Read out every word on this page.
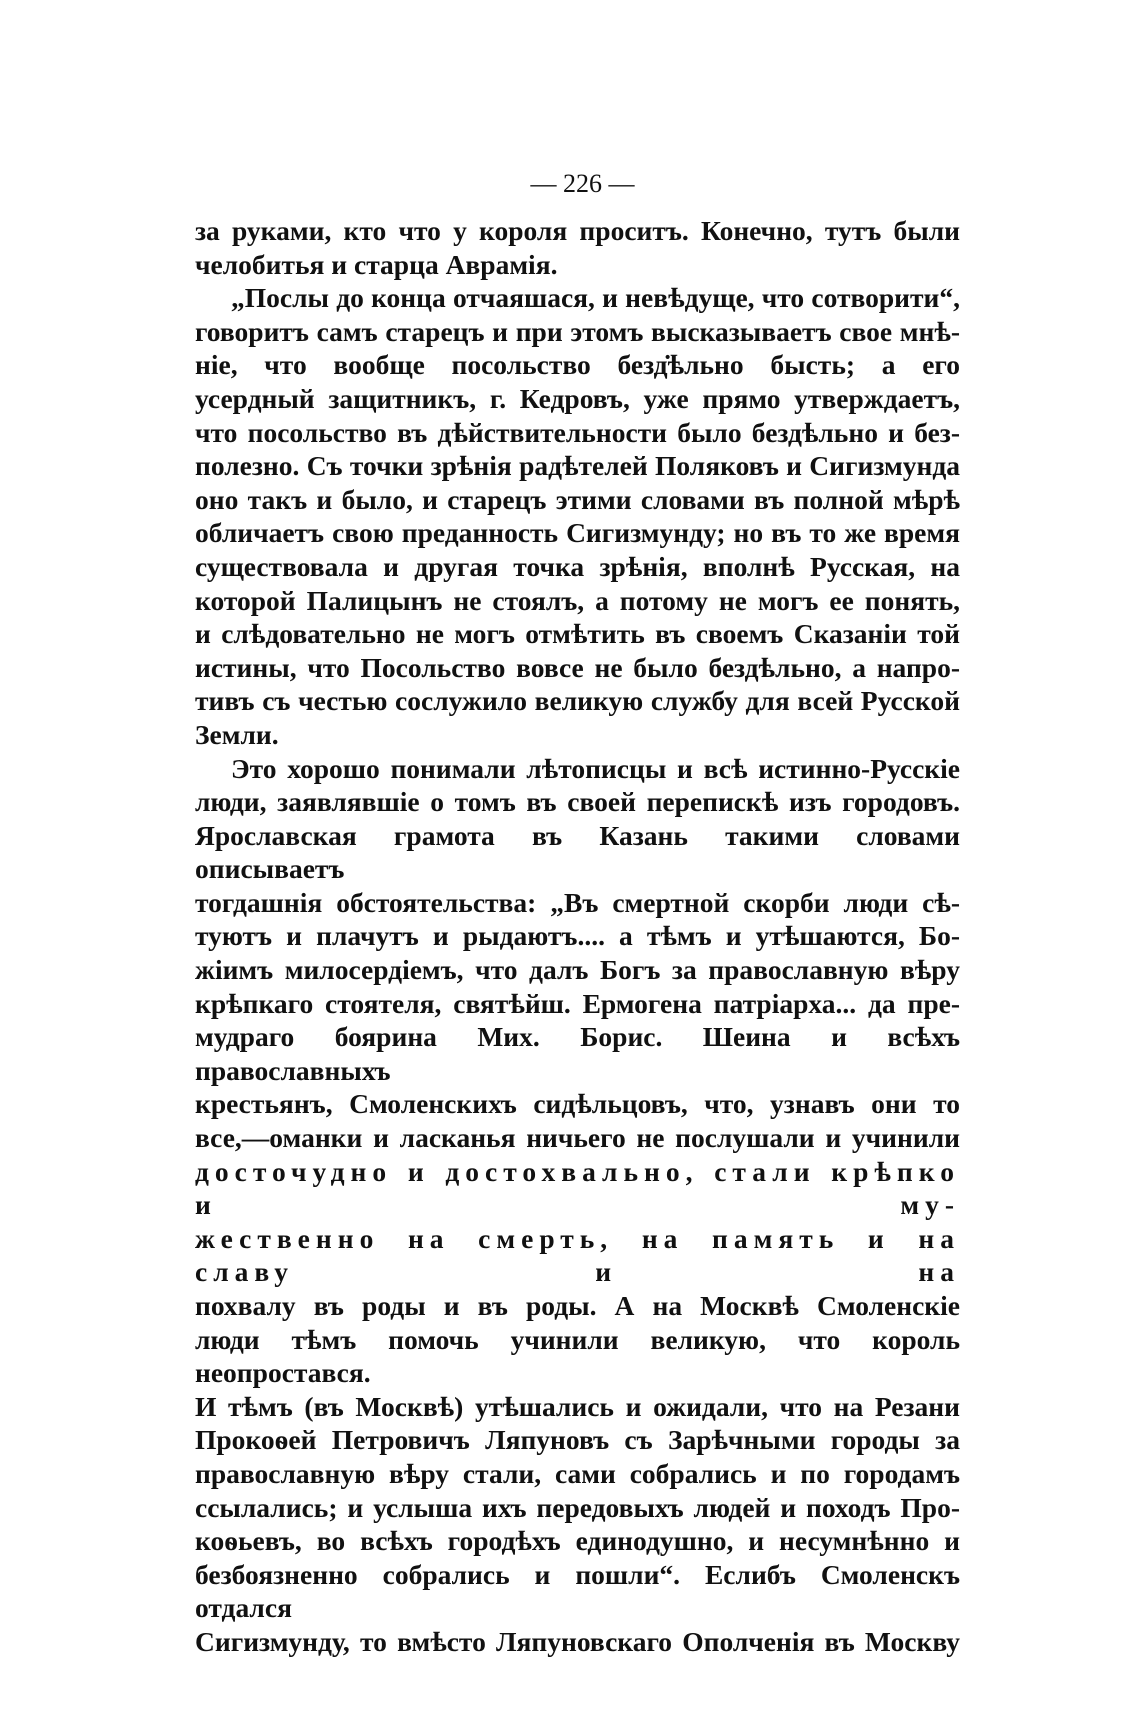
— 226 —

за руками, кто что у короля проситъ. Конечно, тутъ были

челобитья и старца Аврамія.

„Послы до конца отчаяшася, и невѣдуще, что сотворити“,

говоритъ самъ старецъ и при этомъ высказываетъ свое мнѣ-

ніе, что вообще посольство безд̇ѣльно бысть; а его

усердный защитникъ, г. Кедровъ, уже прямо утверждаетъ,

что посольство въ дѣйствительности было бездѣльно и без-

полезно. Съ точки зрѣнія радѣтелей Поляковъ и Сигизмунда

оно такъ и было, и старецъ этими словами въ полной мѣрѣ

обличаетъ свою преданность Сигизмунду; но въ то же время

существовала и другая точка зрѣнія, вполнѣ Русская, на

которой Палицынъ не стоялъ, а потому не могъ ее понять,

и слѣдовательно не могъ отмѣтить въ своемъ Сказаніи той

истины, что Посольство вовсе не было бездѣльно, а напро-

тивъ съ честью сослужило великую службу для всей Русской

Земли.

Это хорошо понимали лѣтописцы и всѣ истинно-Русскіе

люди, заявлявшіе о томъ въ своей перепискѣ изъ городовъ.

Ярославская грамота въ Казань такими словами описываетъ

тогдашнія обстоятельства: „Въ смертной скорби люди сѣ-

туютъ и плачутъ и рыдаютъ.... а тѣмъ и утѣшаются, Бо-

жіимъ милосердіемъ, что далъ Богъ за православную вѣру

крѣпкаго стоятеля, святѣйш. Ермогена патріарха... да пре-

мудраго боярина Мих. Борис. Шеина и всѣхъ православныхъ

крестьянъ, Смоленскихъ сидѣльцовъ, что, узнавъ они то

все,—оманки и ласканья ничьего не послушали и учинили

досточудно и достохвально, стали крѣпко и му-

жественно на смерть, на память и на славу и на

похвалу въ роды и въ роды. А на Москвѣ Смоленскіе

люди тѣмъ помочь учинили великую, что король неопростався.

И тѣмъ (въ Москвѣ) утѣшались и ожидали, что на Резани

Прокоѳей Петровичъ Ляпуновъ съ Зарѣчными городы за

православную вѣру стали, сами собрались и по городамъ

ссылались; и услыша ихъ передовыхъ людей и походъ Про-

коѳьевъ, во всѣхъ городѣхъ единодушно, и несумнѣнно и

безбоязненно собрались и пошли“. Еслибъ Смоленскъ отдался

Сигизмунду, то вмѣсто Ляпуновскаго Ополченія въ Москву
